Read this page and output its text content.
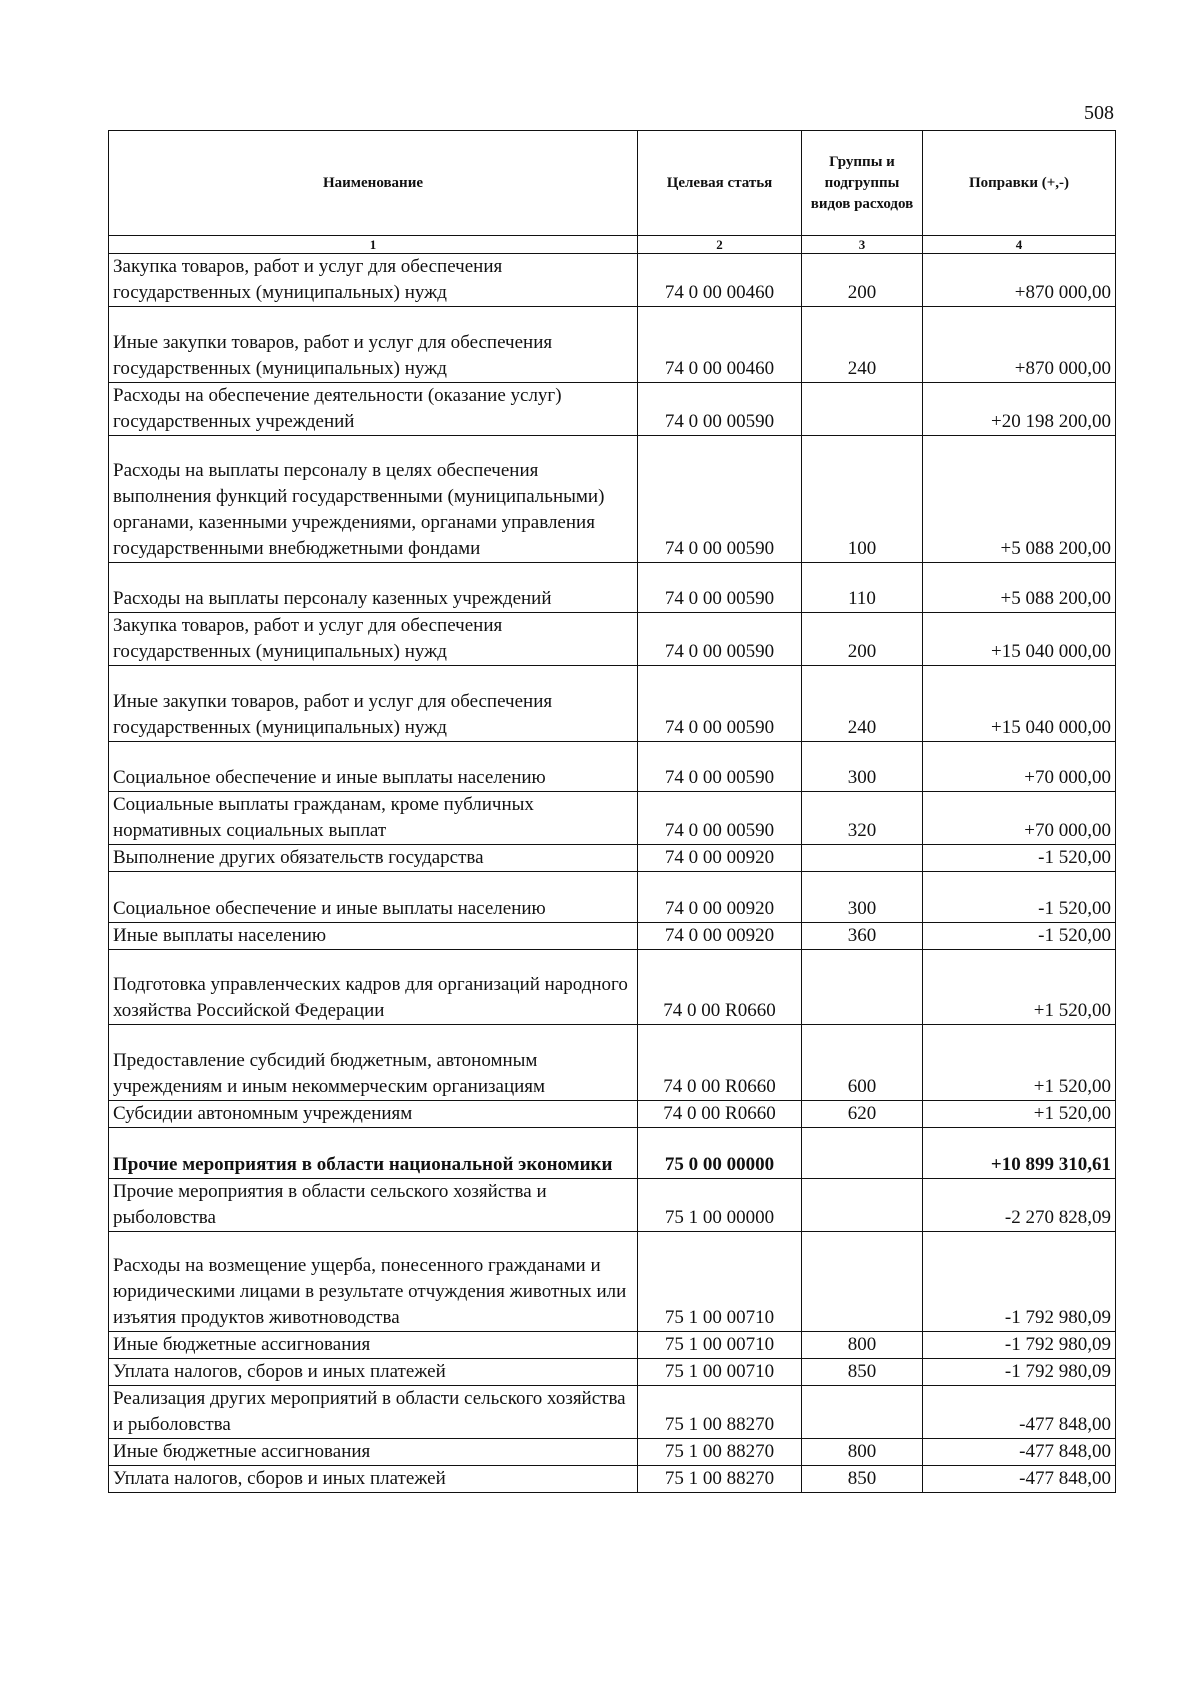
508
Наименование	Целевая статья	Группы и подгруппы видов расходов	Поправки (+,-)
1	2	3	4
Закупка товаров, работ и услуг для обеспечения государственных (муниципальных) нужд	74 0 00 00460	200	+870 000,00
Иные закупки товаров, работ и услуг для обеспечения государственных (муниципальных) нужд	74 0 00 00460	240	+870 000,00
Расходы на обеспечение деятельности (оказание услуг) государственных учреждений	74 0 00 00590		+20 198 200,00
Расходы на выплаты персоналу в целях обеспечения выполнения функций государственными (муниципальными) органами, казенными учреждениями, органами управления государственными внебюджетными фондами	74 0 00 00590	100	+5 088 200,00
Расходы на выплаты персоналу казенных учреждений	74 0 00 00590	110	+5 088 200,00
Закупка товаров, работ и услуг для обеспечения государственных (муниципальных) нужд	74 0 00 00590	200	+15 040 000,00
Иные закупки товаров, работ и услуг для обеспечения государственных (муниципальных) нужд	74 0 00 00590	240	+15 040 000,00
Социальное обеспечение и иные выплаты населению	74 0 00 00590	300	+70 000,00
Социальные выплаты гражданам, кроме публичных нормативных социальных выплат	74 0 00 00590	320	+70 000,00
Выполнение других обязательств государства	74 0 00 00920		-1 520,00
Социальное обеспечение и иные выплаты населению	74 0 00 00920	300	-1 520,00
Иные выплаты населению	74 0 00 00920	360	-1 520,00
Подготовка управленческих кадров для организаций народного хозяйства Российской Федерации	74 0 00 R0660		+1 520,00
Предоставление субсидий бюджетным, автономным учреждениям и иным некоммерческим организациям	74 0 00 R0660	600	+1 520,00
Субсидии автономным учреждениям	74 0 00 R0660	620	+1 520,00
Прочие мероприятия в области национальной экономики	75 0 00 00000		+10 899 310,61
Прочие мероприятия в области сельского хозяйства и рыболовства	75 1 00 00000		-2 270 828,09
Расходы на возмещение ущерба, понесенного гражданами и юридическими лицами в результате отчуждения животных или изъятия продуктов животноводства	75 1 00 00710		-1 792 980,09
Иные бюджетные ассигнования	75 1 00 00710	800	-1 792 980,09
Уплата налогов, сборов и иных платежей	75 1 00 00710	850	-1 792 980,09
Реализация других мероприятий в области сельского хозяйства и рыболовства	75 1 00 88270		-477 848,00
Иные бюджетные ассигнования	75 1 00 88270	800	-477 848,00
Уплата налогов, сборов и иных платежей	75 1 00 88270	850	-477 848,00
